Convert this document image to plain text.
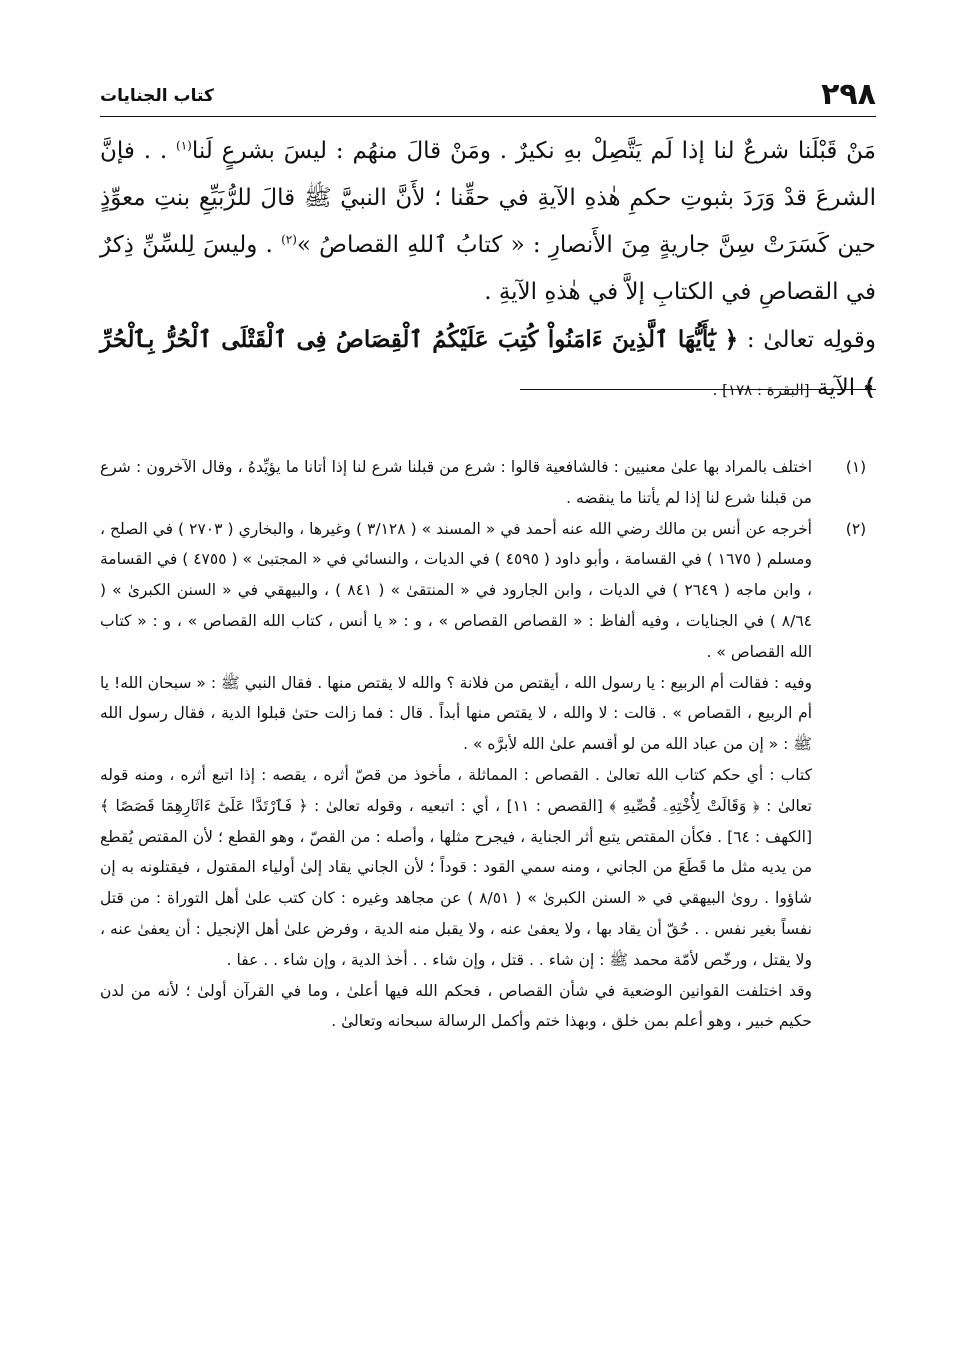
٢٩٨
كتاب الجنايات

مَنْ قَبْلَنا شرعٌ لنا إذا لَم يَتَّصِلْ بهِ نكيرٌ . ومَنْ قالَ منهُم : ليسَ بشرعٍ لَنا$^{(١)}$ . . فإنَّ الشرعَ قدْ وَرَدَ بثبوتِ حكمِ هٰذهِ الآيةِ في حقِّنا ؛ لأَنَّ النبيَّ ﷺ قالَ للرُّبَيِّعِ بنتِ معوِّذٍ حين كَسَرَتْ سِنَّ جاريةٍ مِنَ الأَنصارِ : « كتابُ ٱللهِ القصاصُ »$^{(٢)}$ . وليسَ لِلسِّنِّ ذِكرٌ في القصاصِ في الكتابِ إلاَّ في هٰذهِ الآيةِ .

وقولِه تعالىٰ : ﴿ يَٰٓأَيُّهَا ٱلَّذِينَ ءَامَنُواْ كُتِبَ عَلَيْكُمُ ٱلْقِصَاصُ فِى ٱلْقَتْلَى ٱلْحُرُّ بِٱلْحُرِّ ﴾ الآية [البقرة : ١٧٨] .

(١)

اختلف بالمراد بها علىٰ معنيين : فالشافعية قالوا : شرع من قبلنا شرع لنا إذا أتانا ما يؤيِّدهُ ، وقال الآخرون : شرع من قبلنا شرع لنا إذا لم يأتنا ما ينقضه .

(٢)

أخرجه عن أنس بن مالك رضي الله عنه أحمد في « المسند » ( ٣/١٢٨ ) وغيرها ، والبخاري ( ٢٧٠٣ ) في الصلح ، ومسلم ( ١٦٧٥ ) في القسامة ، وأبو داود ( ٤٥٩٥ ) في الديات ، والنسائي في « المجتبىٰ » ( ٤٧٥٥ ) في القسامة ، وابن ماجه ( ٢٦٤٩ ) في الديات ، وابن الجارود في « المنتقىٰ » ( ٨٤١ ) ، والبيهقي في « السنن الكبرىٰ » ( ٨/٦٤ ) في الجنايات ، وفيه ألفاظ : « القصاص القصاص » ، و : « يا أنس ، كتاب الله القصاص » ، و : « كتاب الله القصاص » .

وفيه : فقالت أم الربيع : يا رسول الله ، أيقتص من فلانة ؟ والله لا يقتص منها . فقال النبي ﷺ : « سبحان الله! يا أم الربيع ، القصاص » . قالت : لا والله ، لا يقتص منها أبداً . قال : فما زالت حتىٰ قبلوا الدية ، فقال رسول الله ﷺ : « إن من عباد الله من لو أقسم علىٰ الله لأبرَّه » .

كتاب : أي حكم كتاب الله تعالىٰ . القصاص : المماثلة ، مأخوذ من قصّ أثره ، يقصه : إذا اتبع أثره ، ومنه قوله تعالىٰ : ﴿ وَقَالَتْ لِأُخْتِهِۦ قُصِّيهِ ﴾ [القصص : ١١] ، أي : اتبعيه ، وقوله تعالىٰ : ﴿ فَٱرْتَدَّا عَلَىٰٓ ءَاثَارِهِمَا قَصَصًا ﴾ [الكهف : ٦٤] . فكأن المقتص يتبع أثر الجناية ، فيجرح مثلها ، وأصله : من القصّ ، وهو القطع ؛ لأن المقتص يُقطع من يديه مثل ما قَطَعَ من الجاني ، ومنه سمي القود : قوداً ؛ لأن الجاني يقاد إلىٰ أولياء المقتول ، فيقتلونه به إن شاؤوا . روىٰ البيهقي في « السنن الكبرىٰ » ( ٨/٥١ ) عن مجاهد وغيره : كان كتب علىٰ أهل التوراة : من قتل نفساً بغير نفس . . حُقّ أن يقاد بها ، ولا يعفىٰ عنه ، ولا يقبل منه الدية ، وفرض علىٰ أهل الإنجيل : أن يعفىٰ عنه ، ولا يقتل ، ورخّص لأمّة محمد ﷺ : إن شاء . . قتل ، وإن شاء . . أخذ الدية ، وإن شاء . . عفا .

وقد اختلفت القوانين الوضعية في شأن القصاص ، فحكم الله فيها أعلىٰ ، وما في القرآن أولىٰ ؛ لأنه من لدن حكيم خبير ، وهو أعلم بمن خلق ، وبهذا ختم وأكمل الرسالة سبحانه وتعالىٰ .
